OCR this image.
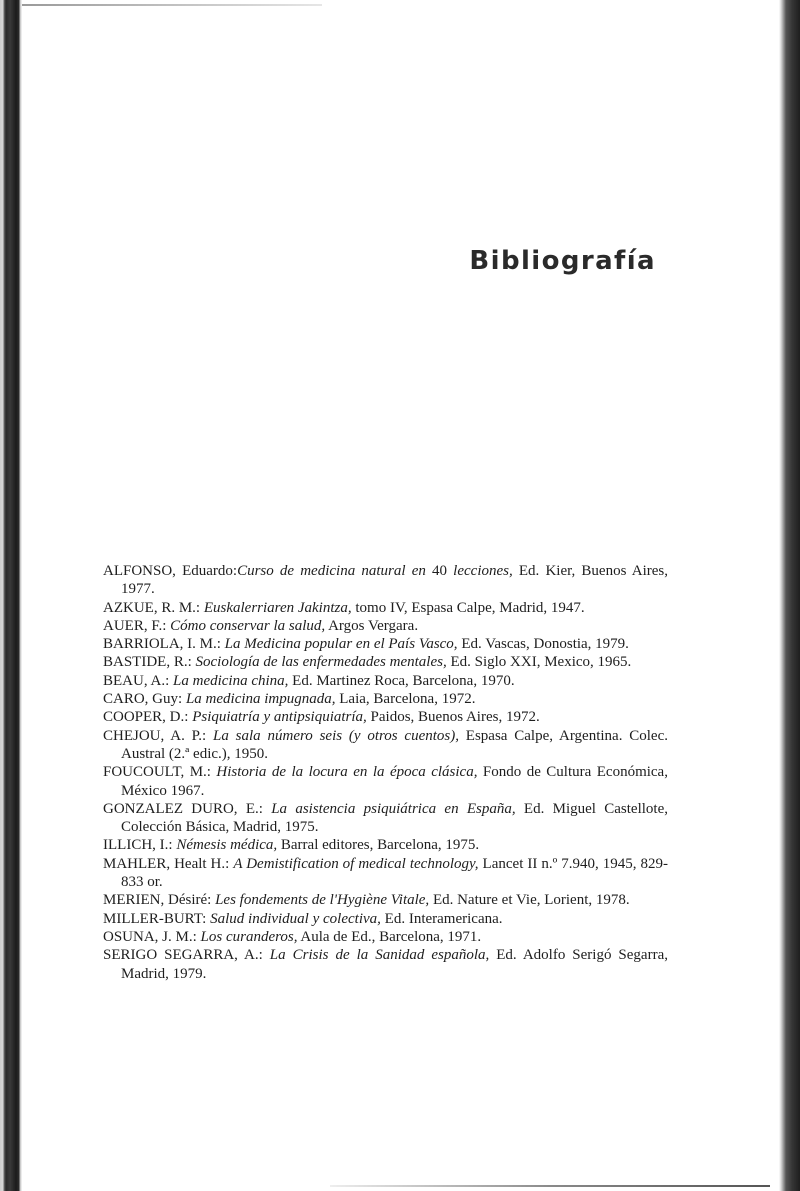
Bibliografía
ALFONSO, Eduardo:Curso de medicina natural en 40 lecciones, Ed. Kier, Buenos Aires, 1977.
AZKUE, R. M.: Euskalerriaren Jakintza, tomo IV, Espasa Calpe, Madrid, 1947.
AUER, F.: Cómo conservar la salud, Argos Vergara.
BARRIOLA, I. M.: La Medicina popular en el País Vasco, Ed. Vascas, Donostia, 1979.
BASTIDE, R.: Sociología de las enfermedades mentales, Ed. Siglo XXI, Mexico, 1965.
BEAU, A.: La medicina china, Ed. Martinez Roca, Barcelona, 1970.
CARO, Guy: La medicina impugnada, Laia, Barcelona, 1972.
COOPER, D.: Psiquiatría y antipsiquiatría, Paidos, Buenos Aires, 1972.
CHEJOU, A. P.: La sala número seis (y otros cuentos), Espasa Calpe, Argentina. Colec. Austral (2.ª edic.), 1950.
FOUCOULT, M.: Historia de la locura en la época clásica, Fondo de Cultura Económica, México 1967.
GONZALEZ DURO, E.: La asistencia psiquiátrica en España, Ed. Miguel Castellote, Colección Básica, Madrid, 1975.
ILLICH, I.: Némesis médica, Barral editores, Barcelona, 1975.
MAHLER, Healt H.: A Demistification of medical technology, Lancet II n.º 7.940, 1945, 829-833 or.
MERIEN, Désiré: Les fondements de l'Hygiène Vitale, Ed. Nature et Vie, Lorient, 1978.
MILLER-BURT: Salud individual y colectiva, Ed. Interamericana.
OSUNA, J. M.: Los curanderos, Aula de Ed., Barcelona, 1971.
SERIGO SEGARRA, A.: La Crisis de la Sanidad española, Ed. Adolfo Serigó Segarra, Madrid, 1979.
